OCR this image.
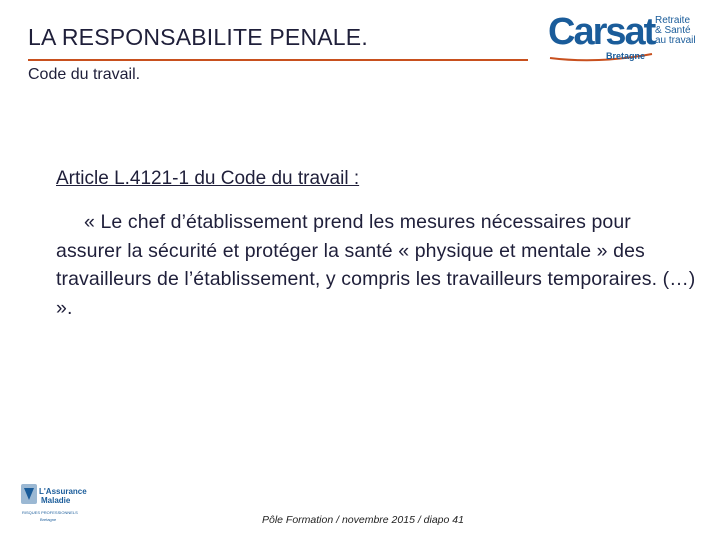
LA RESPONSABILITE PENALE.
Code du travail.
Carsat Retraite
& Santé
au travail
Bretagne
Article L.4121-1 du Code du travail :
« Le chef d’établissement prend les mesures nécessaires pour assurer la sécurité et protéger la santé « physique et mentale » des travailleurs de l’établissement, y compris les travailleurs temporaires. (…) ».
L'Assurance
Maladie
RISQUES PROFESSIONNELS
Bretagne	Pôle Formation / novembre 2015 / diapo 41
